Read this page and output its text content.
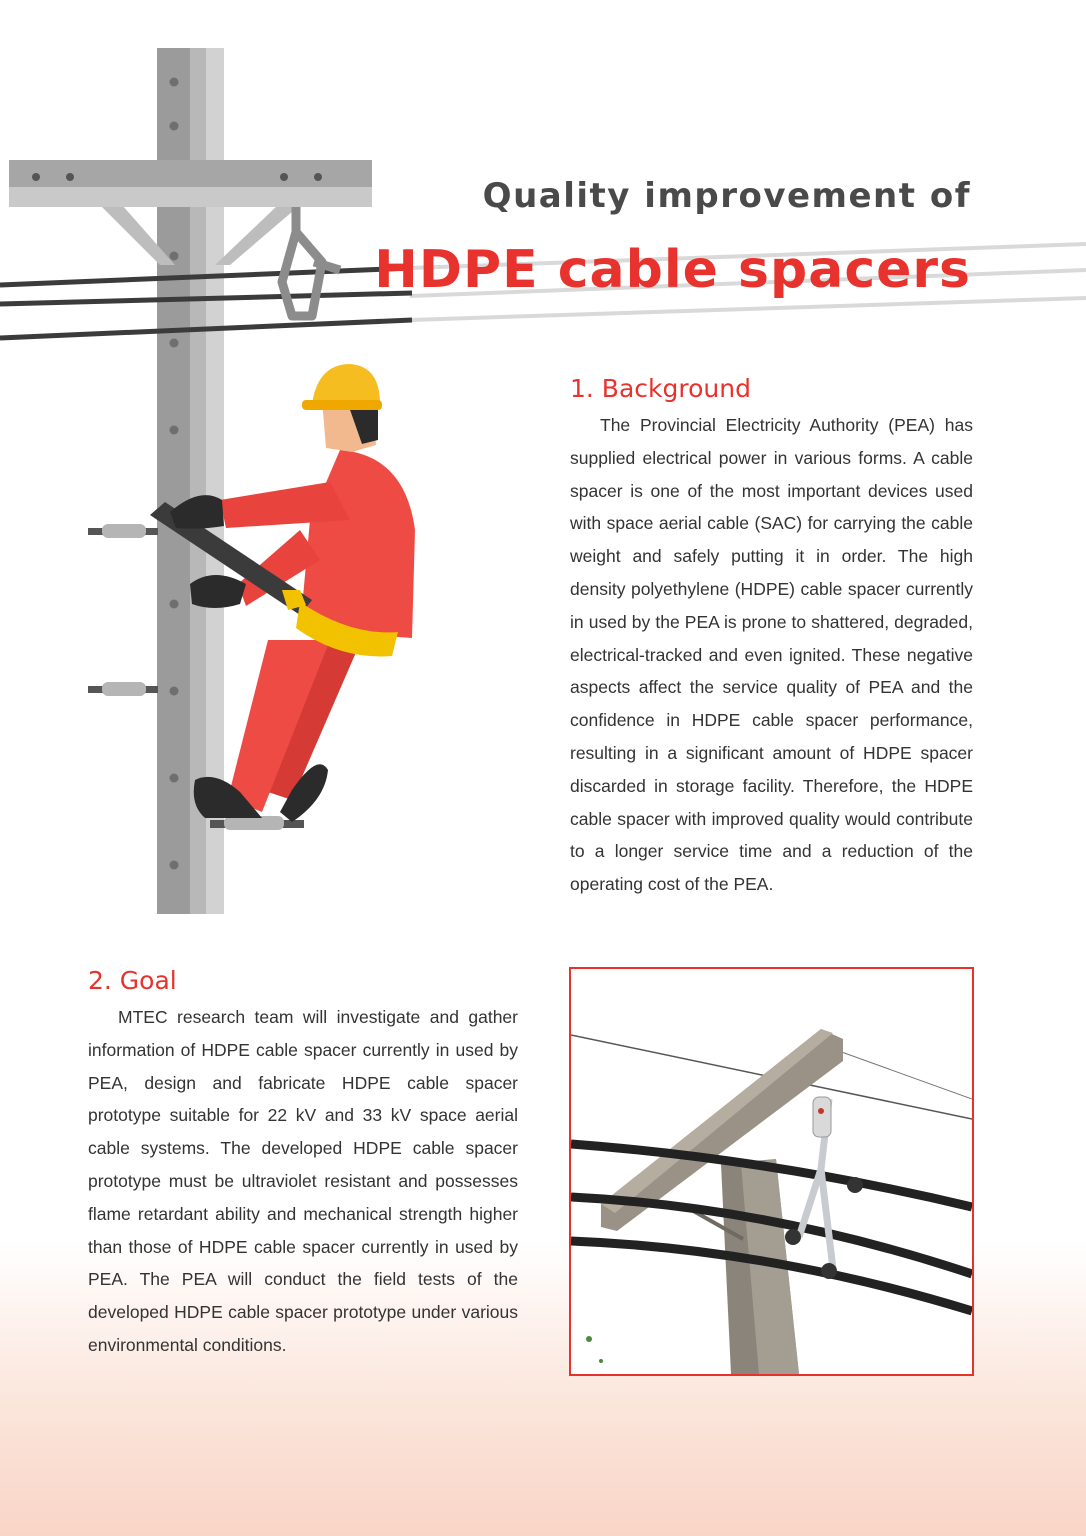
Quality improvement of
HDPE cable spacers
1. Background

The Provincial Electricity Authority (PEA) has supplied electrical power in various forms. A cable spacer is one of the most important devices used with space aerial cable (SAC) for carrying the cable weight and safely putting it in order. The high density polyethylene (HDPE) cable spacer currently in used by the PEA is prone to shattered, degraded, electrical-tracked and even ignited. These negative aspects affect the service quality of PEA and the confidence in HDPE cable spacer performance, resulting in a significant amount of HDPE spacer discarded in storage facility. Therefore, the HDPE cable spacer with improved quality would contribute to a longer service time and a reduction of the operating cost of the PEA.

2. Goal

MTEC research team will investigate and gather information of HDPE cable spacer currently in used by PEA, design and fabricate HDPE cable spacer prototype suitable for 22 kV and 33 kV space aerial cable systems. The developed HDPE cable spacer prototype must be ultraviolet resistant and possesses flame retardant ability and mechanical strength higher than those of HDPE cable spacer currently in used by PEA. The PEA will conduct the field tests of the developed HDPE cable spacer prototype under various environmental conditions.
